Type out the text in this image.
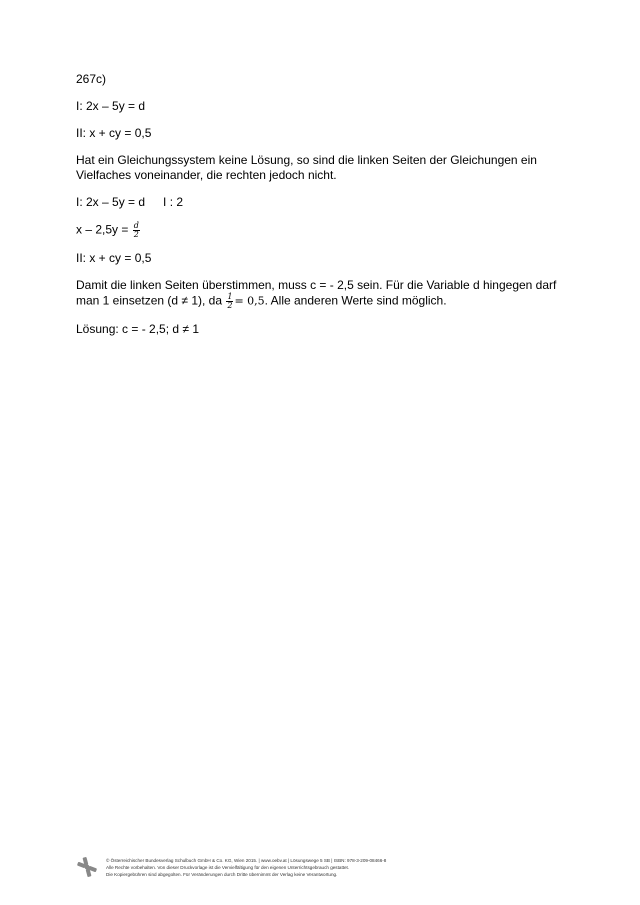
267c)

I: 2x – 5y = d

II: x + cy = 0,5

Hat ein Gleichungssystem keine Lösung, so sind die linken Seiten der Gleichungen ein Vielfaches voneinander, die rechten jedoch nicht.

I: 2x – 5y = d I : 2

$x - 2,5y = \frac{d}{2}$

II: x + cy = 0,5

Damit die linken Seiten überstimmen, muss c = - 2,5 sein. Für die Variable d hingegen darf man 1 einsetzen (d ≠ 1), da $\frac{1}{2} = 0,5$. Alle anderen Werte sind möglich.

Lösung: c = - 2,5; d ≠ 1

© Österreichischer Bundesverlag Schulbuch GmbH & Co. KG, Wien 2015. | www.oebv.at | Lösungswege 5 SB | ISBN: 978-3-209-08466-8
Alle Rechte vorbehalten. Von dieser Druckvorlage ist die Vervielfältigung für den eigenen Unterrichtsgebrauch gestattet.
Die Kopiergebühren sind abgegolten. Für Veränderungen durch Dritte übernimmt der Verlag keine Verantwortung.
